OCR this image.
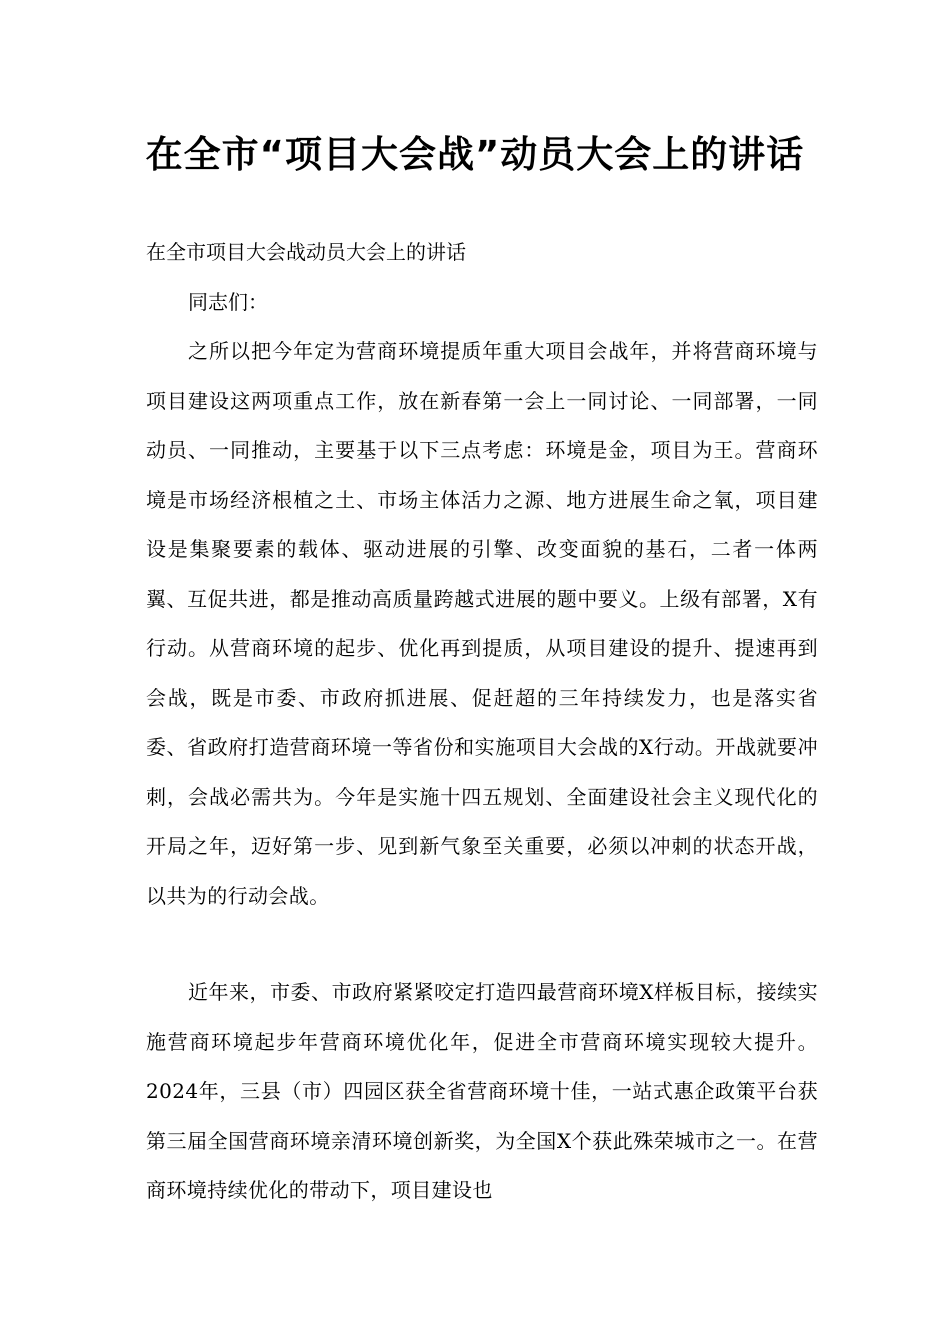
在全市“项目大会战”动员大会上的讲话

在全市项目大会战动员大会上的讲话

同志们：

之所以把今年定为营商环境提质年重大项目会战年，并将营商环境与项目建设这两项重点工作，放在新春第一会上一同讨论、一同部署，一同动员、一同推动，主要基于以下三点考虑：环境是金，项目为王。营商环境是市场经济根植之土、市场主体活力之源、地方进展生命之氧，项目建设是集聚要素的载体、驱动进展的引擎、改变面貌的基石，二者一体两翼、互促共进，都是推动高质量跨越式进展的题中要义。上级有部署，X有行动。从营商环境的起步、优化再到提质，从项目建设的提升、提速再到会战，既是市委、市政府抓进展、促赶超的三年持续发力，也是落实省委、省政府打造营商环境一等省份和实施项目大会战的X行动。开战就要冲刺，会战必需共为。今年是实施十四五规划、全面建设社会主义现代化的开局之年，迈好第一步、见到新气象至关重要，必须以冲刺的状态开战，以共为的行动会战。

近年来，市委、市政府紧紧咬定打造四最营商环境X样板目标，接续实施营商环境起步年营商环境优化年，促进全市营商环境实现较大提升。2024年，三县（市）四园区获全省营商环境十佳，一站式惠企政策平台获第三届全国营商环境亲清环境创新奖，为全国X个获此殊荣城市之一。在营商环境持续优化的带动下，项目建设也
